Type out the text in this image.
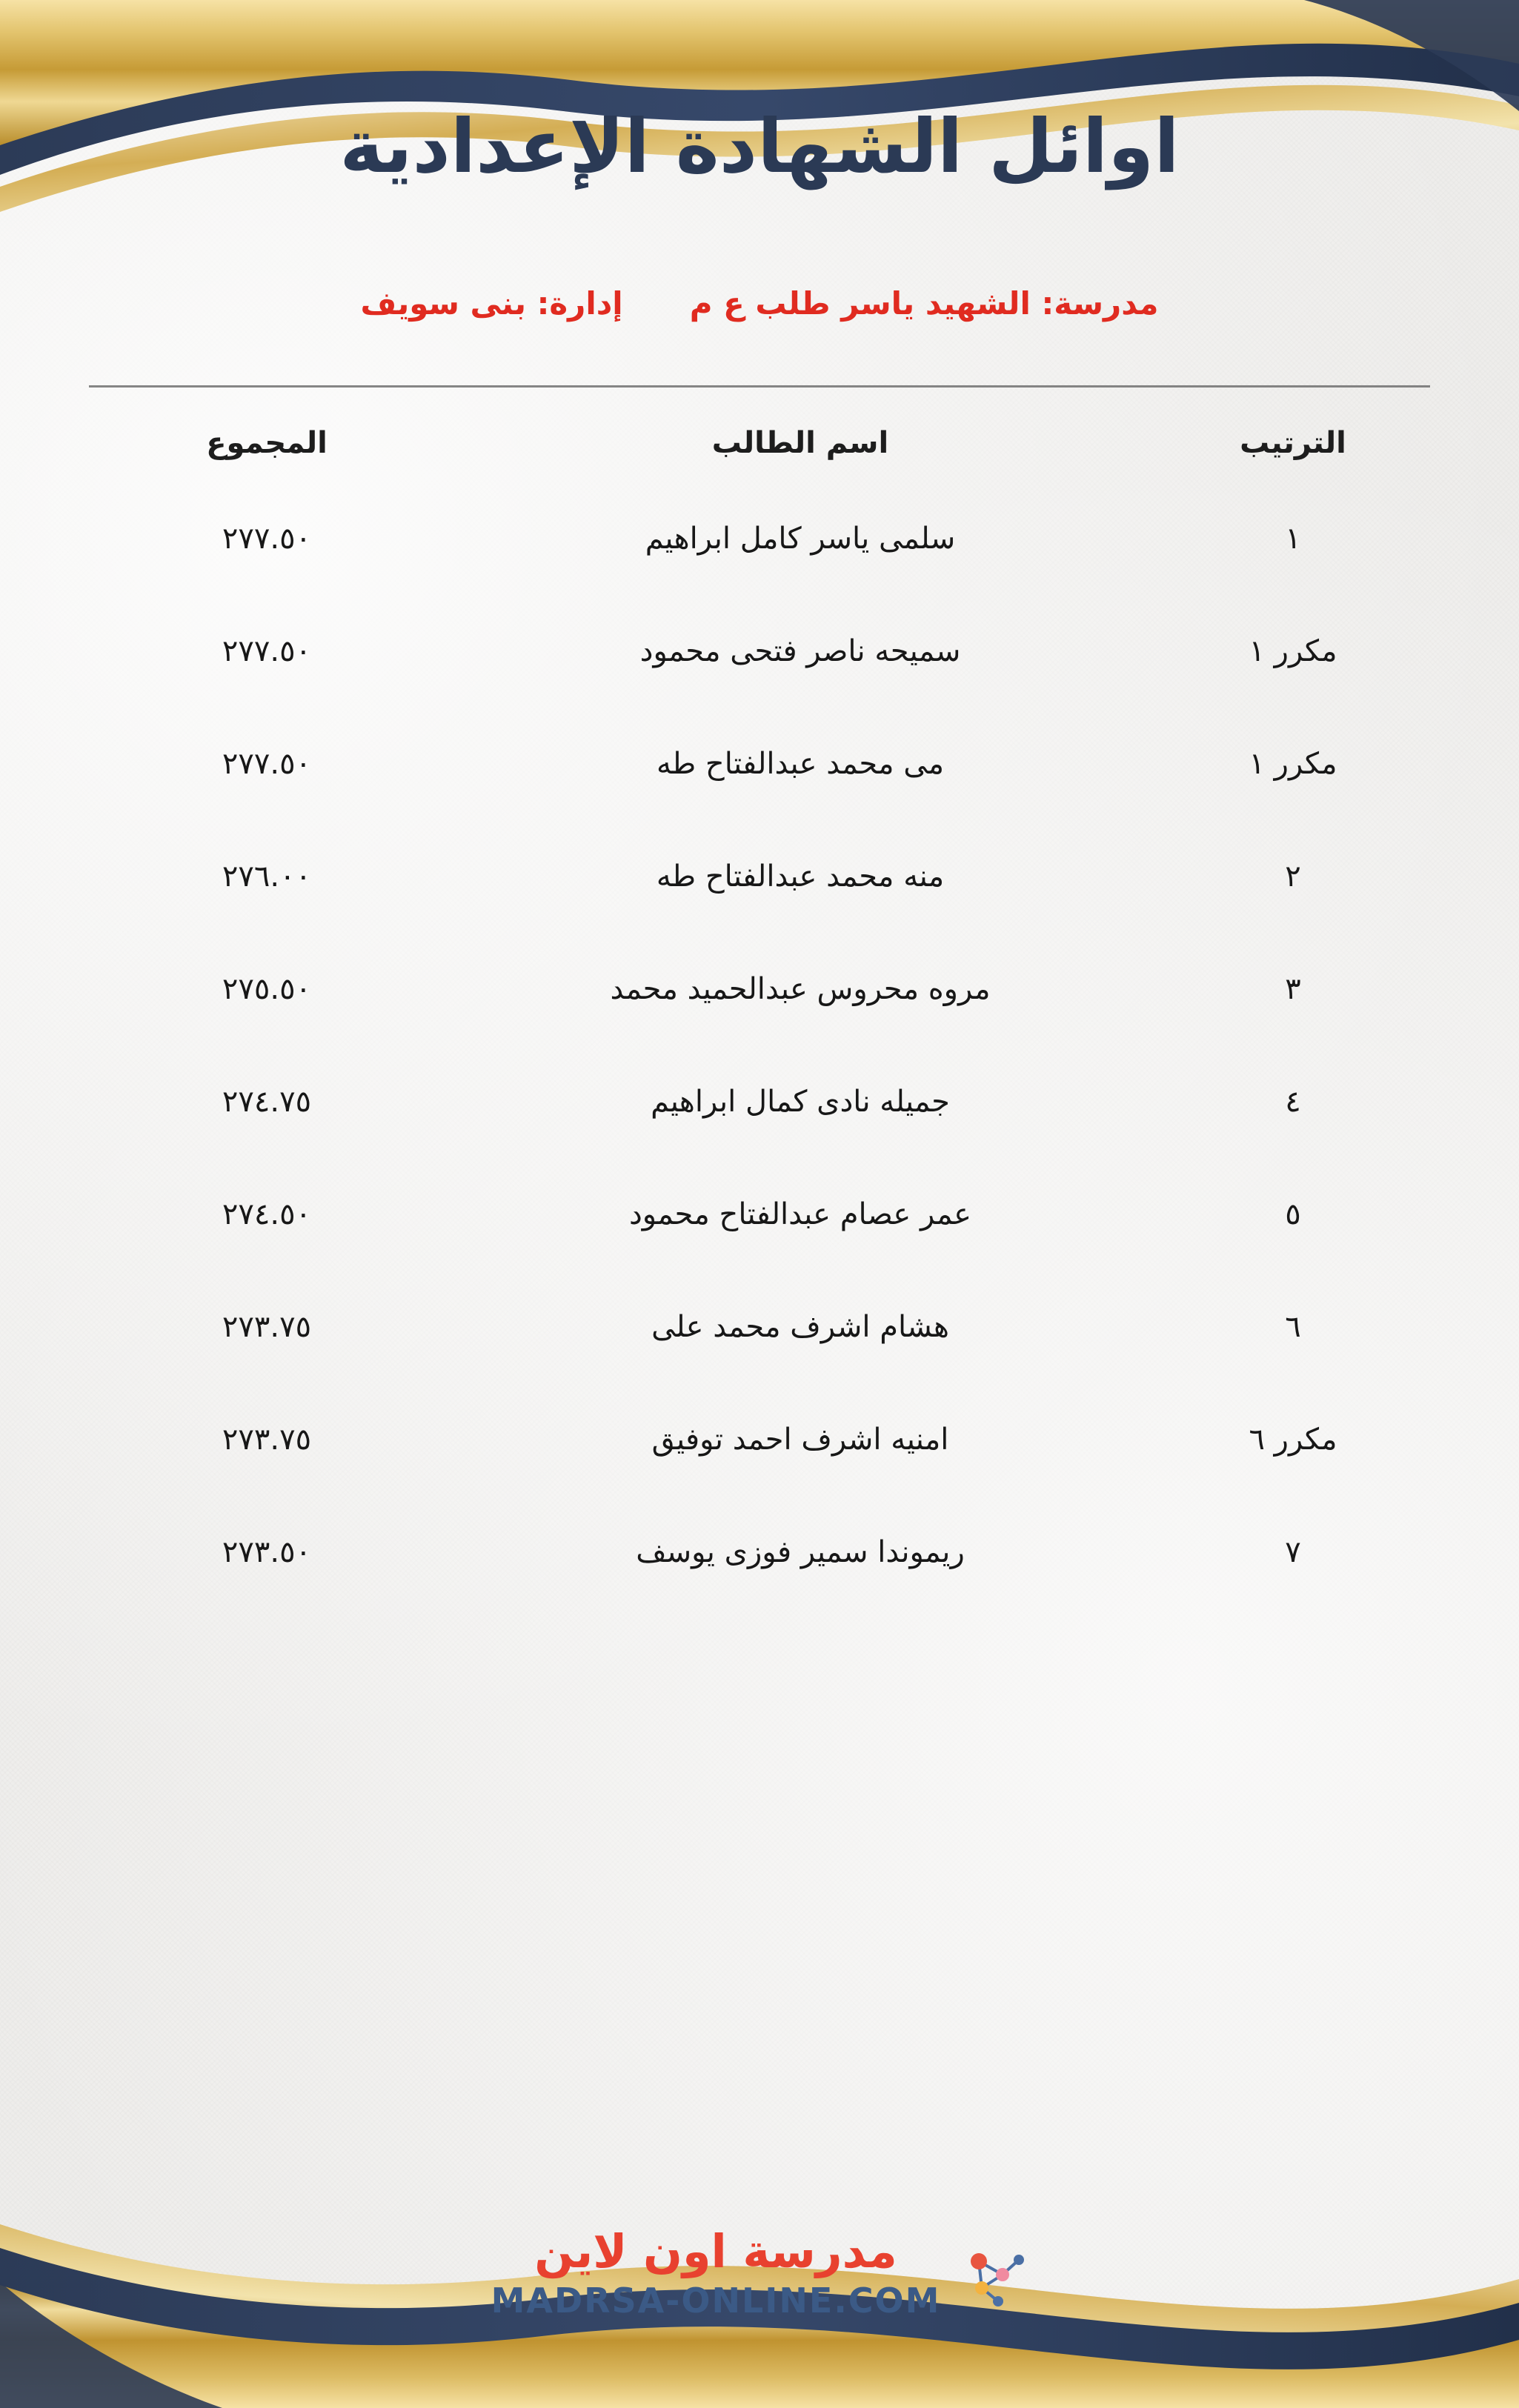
اوائل الشهادة الإعدادية
مدرسة: الشهيد ياسر طلب ع م
إدارة: بنى سويف
الترتيب	اسم الطالب	المجموع
١	سلمى ياسر كامل ابراهيم	٢٧٧.٥٠
مكرر ١	سميحه ناصر فتحى محمود	٢٧٧.٥٠
مكرر ١	مى محمد عبدالفتاح طه	٢٧٧.٥٠
٢	منه محمد عبدالفتاح طه	٢٧٦.٠٠
٣	مروه محروس عبدالحميد محمد	٢٧٥.٥٠
٤	جميله نادى كمال ابراهيم	٢٧٤.٧٥
٥	عمر عصام عبدالفتاح محمود	٢٧٤.٥٠
٦	هشام اشرف محمد على	٢٧٣.٧٥
مكرر ٦	امنيه اشرف احمد توفيق	٢٧٣.٧٥
٧	ريموندا سمير فوزى يوسف	٢٧٣.٥٠
مدرسة اون لاين
MADRSA-ONLINE.COM
